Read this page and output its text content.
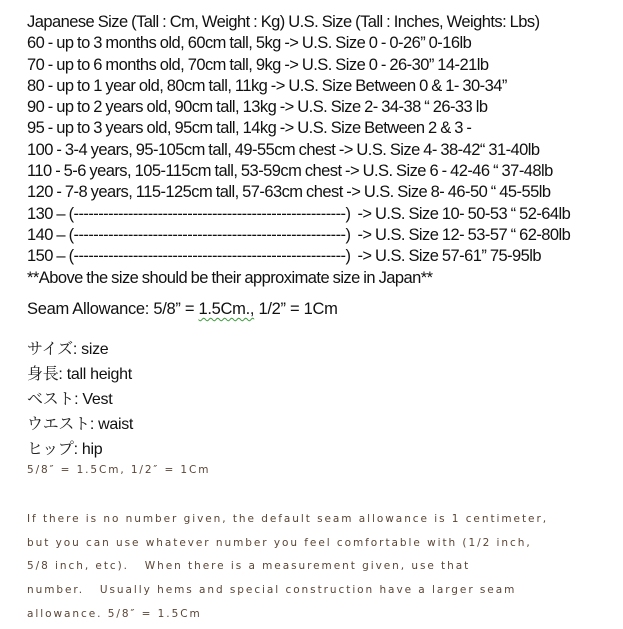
Japanese Size (Tall : Cm, Weight : Kg) U.S. Size (Tall : Inches, Weights: Lbs)
60 - up to 3 months old, 60cm tall, 5kg -> U.S. Size 0 - 0-26” 0-16lb
70 - up to 6 months old, 70cm tall, 9kg -> U.S. Size 0 - 26-30” 14-21lb
80 - up to 1 year old, 80cm tall, 11kg -> U.S. Size Between 0 & 1- 30-34”
90 - up to 2 years old, 90cm tall, 13kg -> U.S. Size 2- 34-38 “ 26-33 lb
95 - up to 3 years old, 95cm tall, 14kg -> U.S. Size Between 2 & 3 -
100 - 3-4 years, 95-105cm tall, 49-55cm chest -> U.S. Size 4- 38-42“ 31-40lb
110 - 5-6 years, 105-115cm tall, 53-59cm chest -> U.S. Size 6 - 42-46 “ 37-48lb
120 - 7-8 years, 115-125cm tall, 57-63cm chest -> U.S. Size 8- 46-50 “ 45-55lb
130 – (-------------------------------------------------------)  -> U.S. Size 10- 50-53 “ 52-64lb
140 – (-------------------------------------------------------)  -> U.S. Size 12- 53-57 “ 62-80lb
150 – (-------------------------------------------------------)  -> U.S. Size 57-61” 75-95lb
**Above the size should be their approximate size in Japan**
Seam Allowance: 5/8” = 1.5Cm., 1/2” = 1Cm
サイズ: size
身長: tall height
ベスト: Vest
ウエスト: waist
ヒップ: hip
5/8″ = 1.5Cm, 1/2″ = 1Cm
If there is no number given, the default seam allowance is 1 centimeter,
but you can use whatever number you feel comfortable with (1/2 inch,
5/8 inch, etc).   When there is a measurement given, use that
number.   Usually hems and special construction have a larger seam
allowance. 5/8″ = 1.5Cm
